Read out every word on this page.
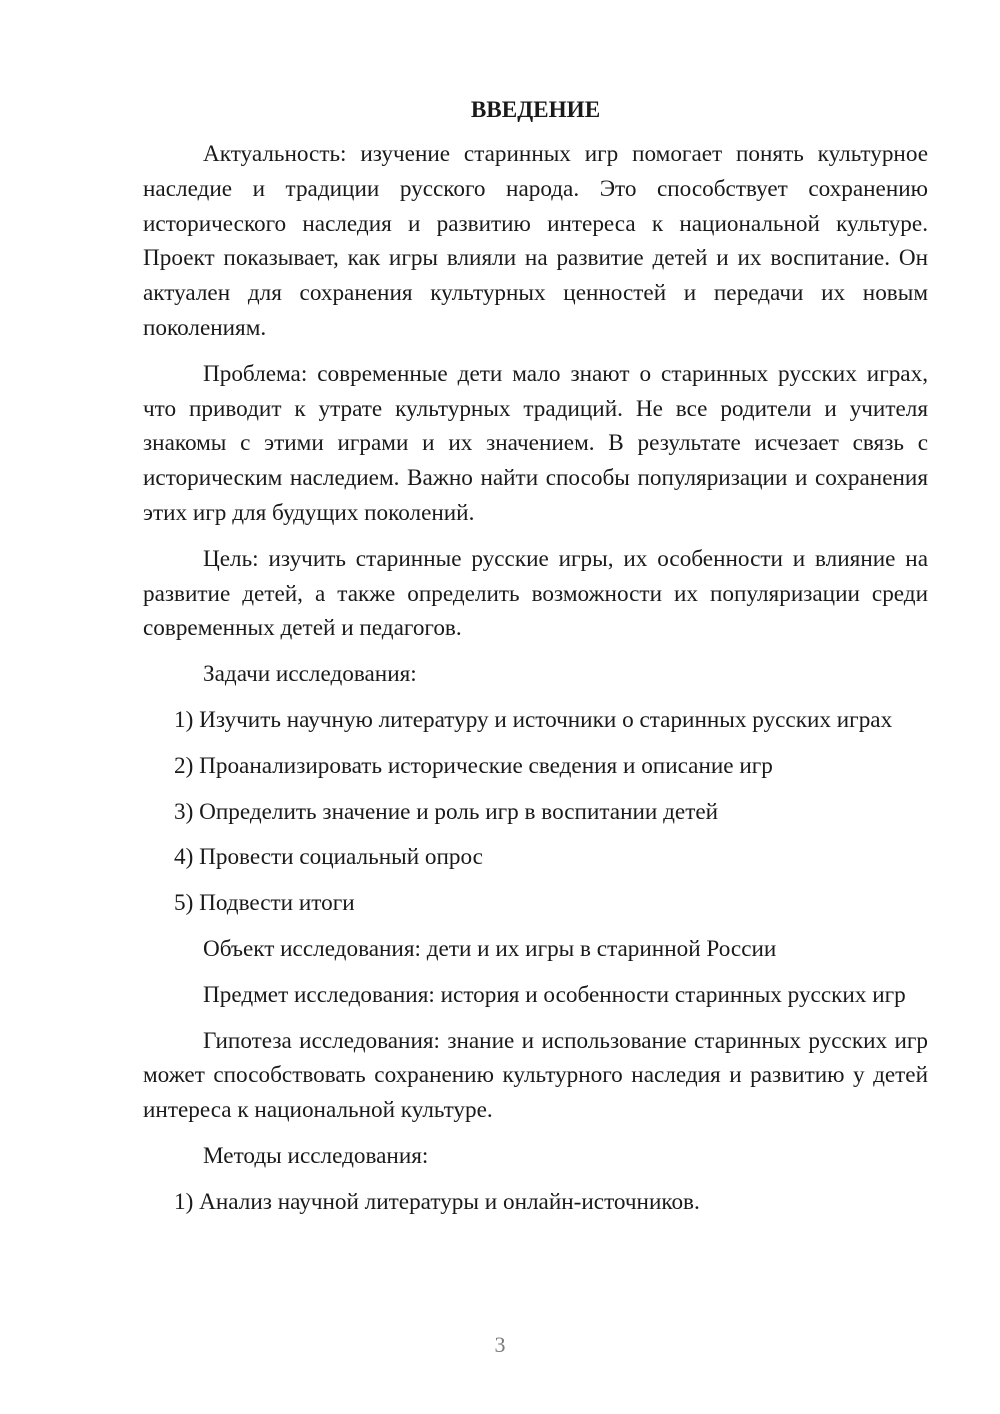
ВВЕДЕНИЕ

Актуальность: изучение старинных игр помогает понять культурное наследие и традиции русского народа. Это способствует сохранению исторического наследия и развитию интереса к национальной культуре. Проект показывает, как игры влияли на развитие детей и их воспитание. Он актуален для сохранения культурных ценностей и передачи их новым поколениям.

Проблема: современные дети мало знают о старинных русских играх, что приводит к утрате культурных традиций. Не все родители и учителя знакомы с этими играми и их значением. В результате исчезает связь с историческим наследием. Важно найти способы популяризации и сохранения этих игр для будущих поколений.

Цель: изучить старинные русские игры, их особенности и влияние на развитие детей, а также определить возможности их популяризации среди современных детей и педагогов.

Задачи исследования:

1) Изучить научную литературу и источники о старинных русских играх

2) Проанализировать исторические сведения и описание игр

3) Определить значение и роль игр в воспитании детей

4) Провести социальный опрос

5) Подвести итоги

Объект исследования: дети и их игры в старинной России

Предмет исследования: история и особенности старинных русских игр

Гипотеза исследования: знание и использование старинных русских игр может способствовать сохранению культурного наследия и развитию у детей интереса к национальной культуре.

Методы исследования:

1) Анализ научной литературы и онлайн-источников.

3
